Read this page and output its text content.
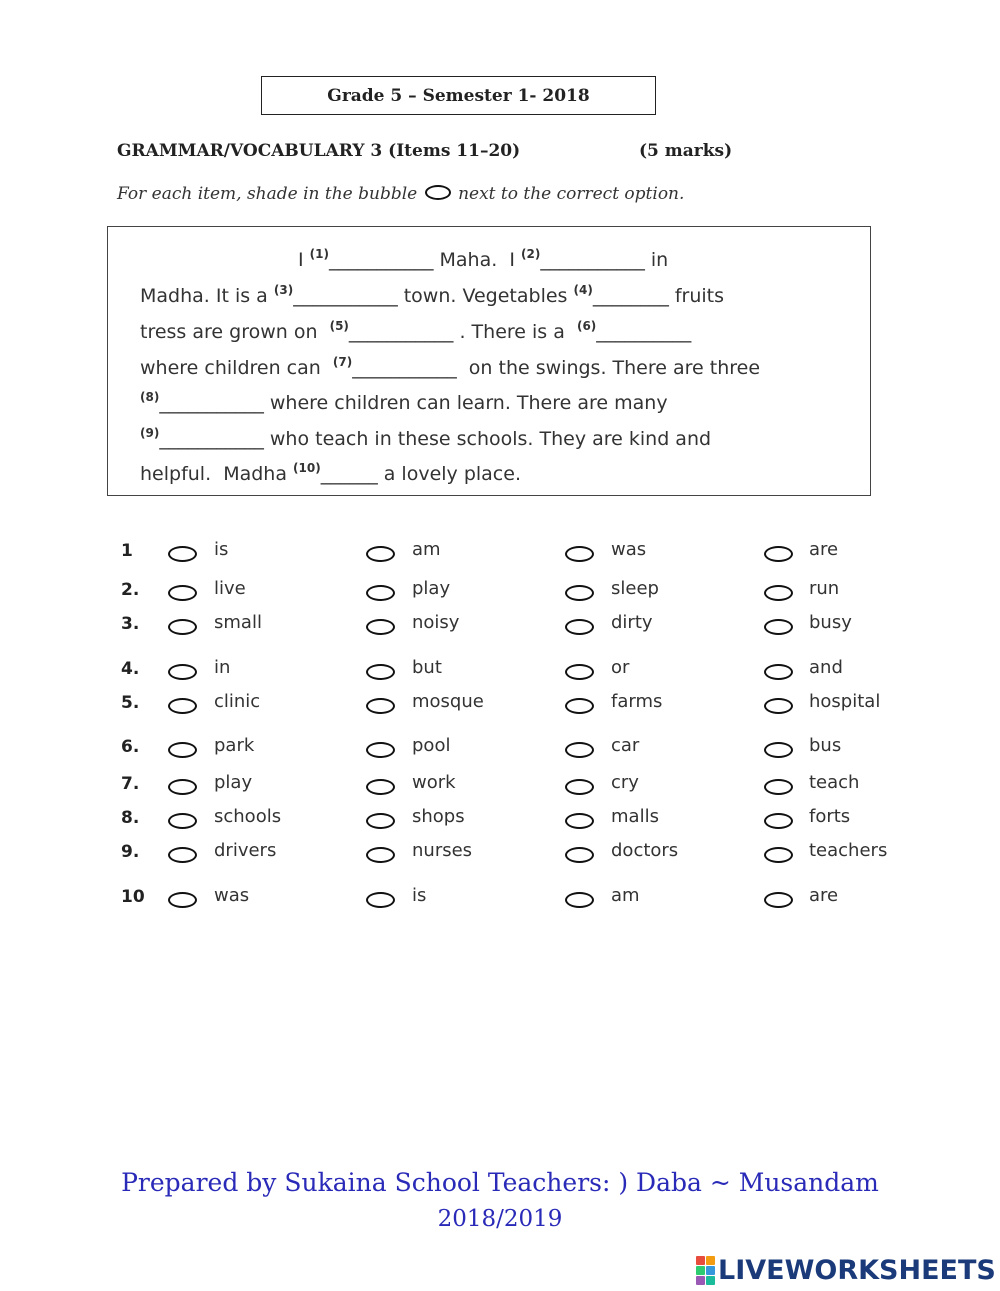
Grade 5 – Semester 1- 2018
GRAMMAR/VOCABULARY 3 (Items 11–20)	(5 marks)
For each item, shade in the bubble next to the correct option.
I $^{(1)}$___________ Maha.  I $^{(2)}$___________ in
Madha. It is a $^{(3)}$___________ town. Vegetables $^{(4)}$________ fruits
tress are grown on  $^{(5)}$___________ . There is a  $^{(6)}$__________
where children can  $^{(7)}$___________  on the swings. There are three
$^{(8)}$___________ where children can learn. There are many
$^{(9)}$___________ who teach in these schools. They are kind and
helpful.  Madha $^{(10)}$______ a lovely place.
1	is	am	was	are
2.	live	play	sleep	run
3.	small	noisy	dirty	busy
4.	in	but	or	and
5.	clinic	mosque	farms	hospital
6.	park	pool	car	bus
7.	play	work	cry	teach
8.	schools	shops	malls	forts
9.	drivers	nurses	doctors	teachers
10	was	is	am	are
Prepared by Sukaina School Teachers: ) Daba ~ Musandam
2018/2019
LIVEWORKSHEETS
